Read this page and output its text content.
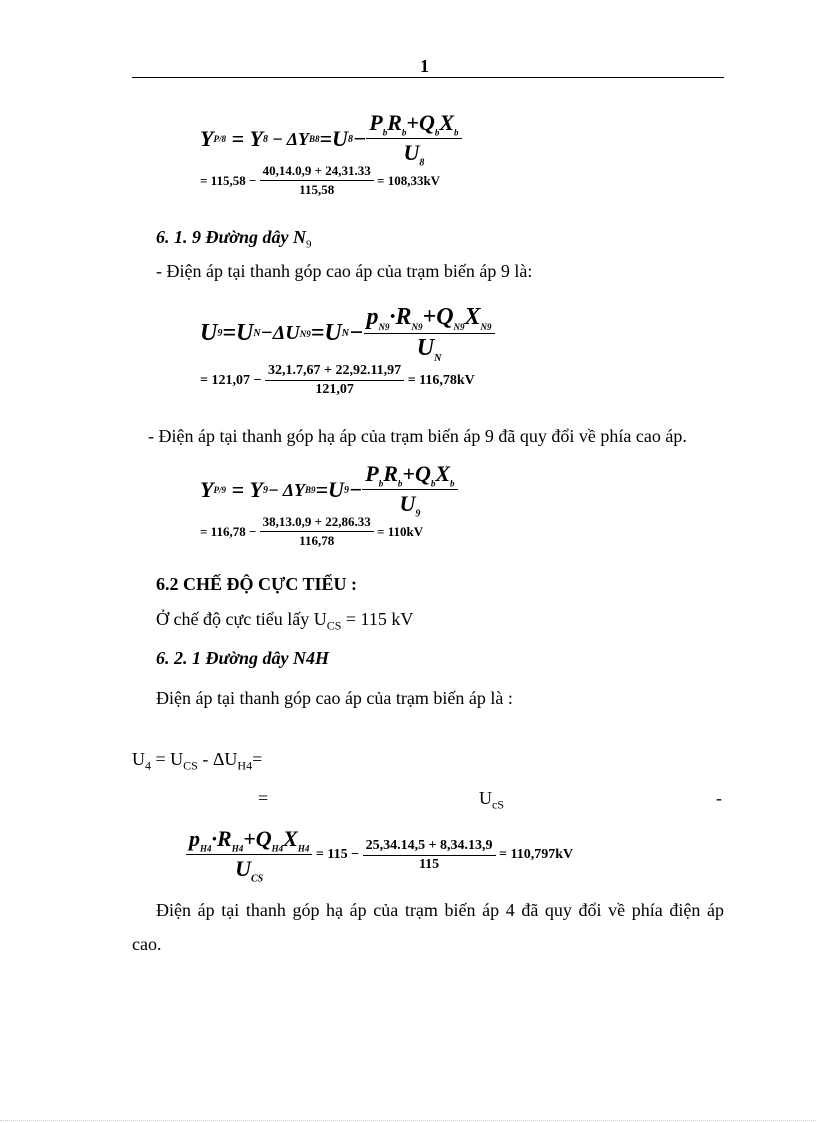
1
Y P/8 = Y 8
− ΔY B8 =U $8 - \frac{P_bR_b+Q_bX_b}{U_8}$
= 115,58 −
$\frac{40,14.0,9 + 24,31.33}{115,58}$
= 108,33kV
6. 1. 9 Đường dây $N_9$
- Điện áp tại thanh góp cao áp của trạm biến áp 9 là:
U 9 =U N −ΔU N9 =U $N - \frac{p_{N9}\cdot R_{N9}+Q_{N9}X_{N9}}{U_N}$
= 121,07 −
$\frac{32,1.7,67 + 22,92.11,97}{121,07}$
= 116,78kV
- Điện áp tại thanh góp hạ áp của trạm biến áp 9 đã quy đổi về phía cao áp.
Y P/9 = Y 9 − ΔY B9 =U $9 - \frac{P_bR_b+Q_bX_b}{U_9}$
= 116,78 −
$\frac{38,13.0,9 + 22,86.33}{116,78}$
= 110kV
6.2 CHẾ ĐỘ CỰC TIỂU :
Ở chế độ cực tiểu lấy $U_{CS} = 115$ kV
6. 2. 1 Đường dây N4H
Điện áp tại thanh góp cao áp của trạm biến áp là :
$U_4 = U_{CS} - \Delta U_{H4}=$
=	$U_{cS}$	-
$\frac{p_{H4}\cdot R_{H4}+Q_{H4}X_{H4}}{U_{CS}} = 115 - \frac{25,34.14,5 + 8,34.13,9}{115} = 110,797kV$
Điện áp tại thanh góp hạ áp của trạm biến áp 4 đã quy đổi về phía điện áp
cao.
